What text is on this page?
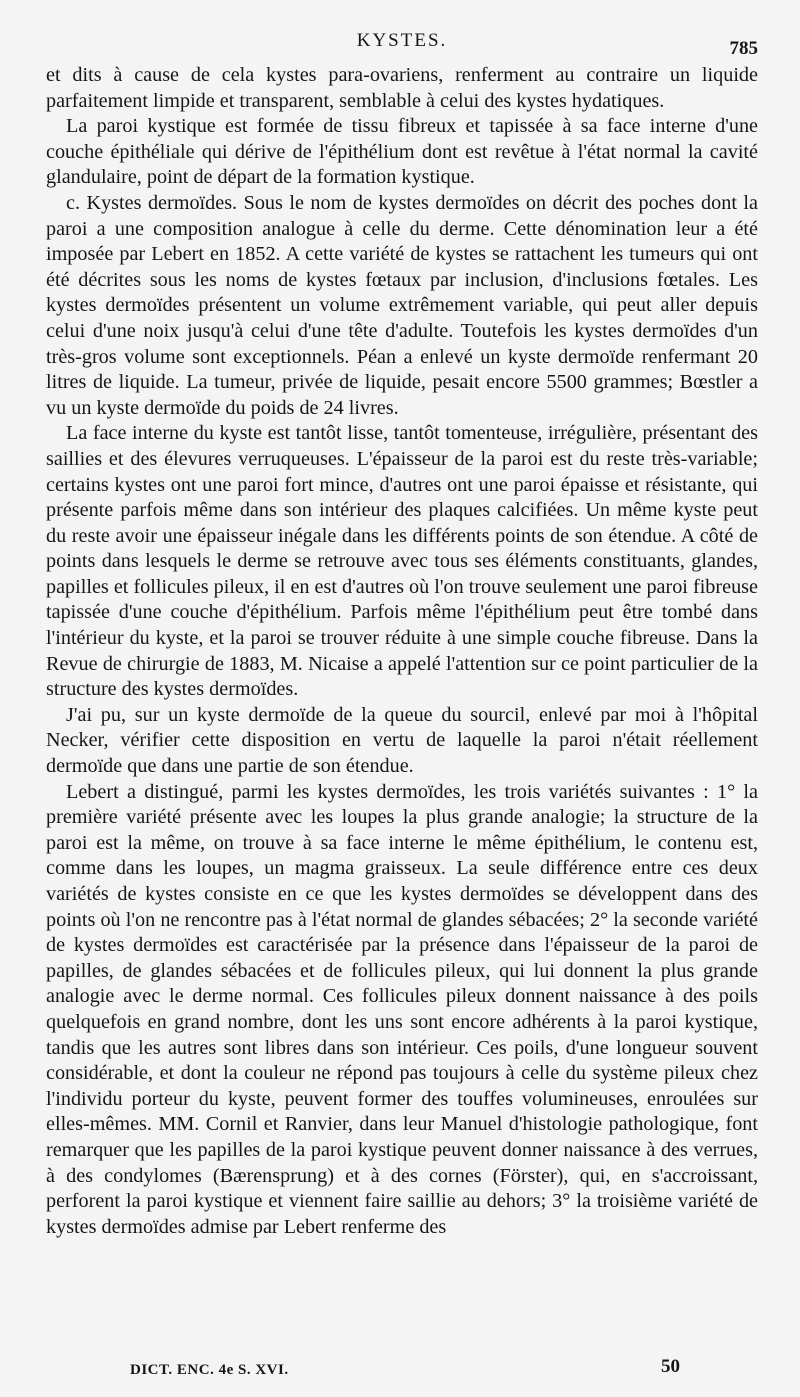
KYSTES.	785

et dits à cause de cela kystes para-ovariens, renferment au contraire un liquide parfaitement limpide et transparent, semblable à celui des kystes hydatiques.

La paroi kystique est formée de tissu fibreux et tapissée à sa face interne d'une couche épithéliale qui dérive de l'épithélium dont est revêtue à l'état normal la cavité glandulaire, point de départ de la formation kystique.

c. Kystes dermoïdes. Sous le nom de kystes dermoïdes on décrit des poches dont la paroi a une composition analogue à celle du derme. Cette dénomination leur a été imposée par Lebert en 1852. A cette variété de kystes se rattachent les tumeurs qui ont été décrites sous les noms de kystes fœtaux par inclusion, d'inclusions fœtales. Les kystes dermoïdes présentent un volume extrêmement variable, qui peut aller depuis celui d'une noix jusqu'à celui d'une tête d'adulte. Toutefois les kystes dermoïdes d'un très-gros volume sont exceptionnels. Péan a enlevé un kyste dermoïde renfermant 20 litres de liquide. La tumeur, privée de liquide, pesait encore 5500 grammes; Bœstler a vu un kyste dermoïde du poids de 24 livres.

La face interne du kyste est tantôt lisse, tantôt tomenteuse, irrégulière, présentant des saillies et des élevures verruqueuses. L'épaisseur de la paroi est du reste très-variable; certains kystes ont une paroi fort mince, d'autres ont une paroi épaisse et résistante, qui présente parfois même dans son intérieur des plaques calcifiées. Un même kyste peut du reste avoir une épaisseur inégale dans les différents points de son étendue. A côté de points dans lesquels le derme se retrouve avec tous ses éléments constituants, glandes, papilles et follicules pileux, il en est d'autres où l'on trouve seulement une paroi fibreuse tapissée d'une couche d'épithélium. Parfois même l'épithélium peut être tombé dans l'intérieur du kyste, et la paroi se trouver réduite à une simple couche fibreuse. Dans la Revue de chirurgie de 1883, M. Nicaise a appelé l'attention sur ce point particulier de la structure des kystes dermoïdes.

J'ai pu, sur un kyste dermoïde de la queue du sourcil, enlevé par moi à l'hôpital Necker, vérifier cette disposition en vertu de laquelle la paroi n'était réellement dermoïde que dans une partie de son étendue.

Lebert a distingué, parmi les kystes dermoïdes, les trois variétés suivantes : 1° la première variété présente avec les loupes la plus grande analogie; la structure de la paroi est la même, on trouve à sa face interne le même épithélium, le contenu est, comme dans les loupes, un magma graisseux. La seule différence entre ces deux variétés de kystes consiste en ce que les kystes dermoïdes se développent dans des points où l'on ne rencontre pas à l'état normal de glandes sébacées; 2° la seconde variété de kystes dermoïdes est caractérisée par la présence dans l'épaisseur de la paroi de papilles, de glandes sébacées et de follicules pileux, qui lui donnent la plus grande analogie avec le derme normal. Ces follicules pileux donnent naissance à des poils quelquefois en grand nombre, dont les uns sont encore adhérents à la paroi kystique, tandis que les autres sont libres dans son intérieur. Ces poils, d'une longueur souvent considérable, et dont la couleur ne répond pas toujours à celle du système pileux chez l'individu porteur du kyste, peuvent former des touffes volumineuses, enroulées sur elles-mêmes. MM. Cornil et Ranvier, dans leur Manuel d'histologie pathologique, font remarquer que les papilles de la paroi kystique peuvent donner naissance à des verrues, à des condylomes (Bærensprung) et à des cornes (Förster), qui, en s'accroissant, perforent la paroi kystique et viennent faire saillie au dehors; 3° la troisième variété de kystes dermoïdes admise par Lebert renferme des

DICT. ENC. 4e S. XVI.	50
